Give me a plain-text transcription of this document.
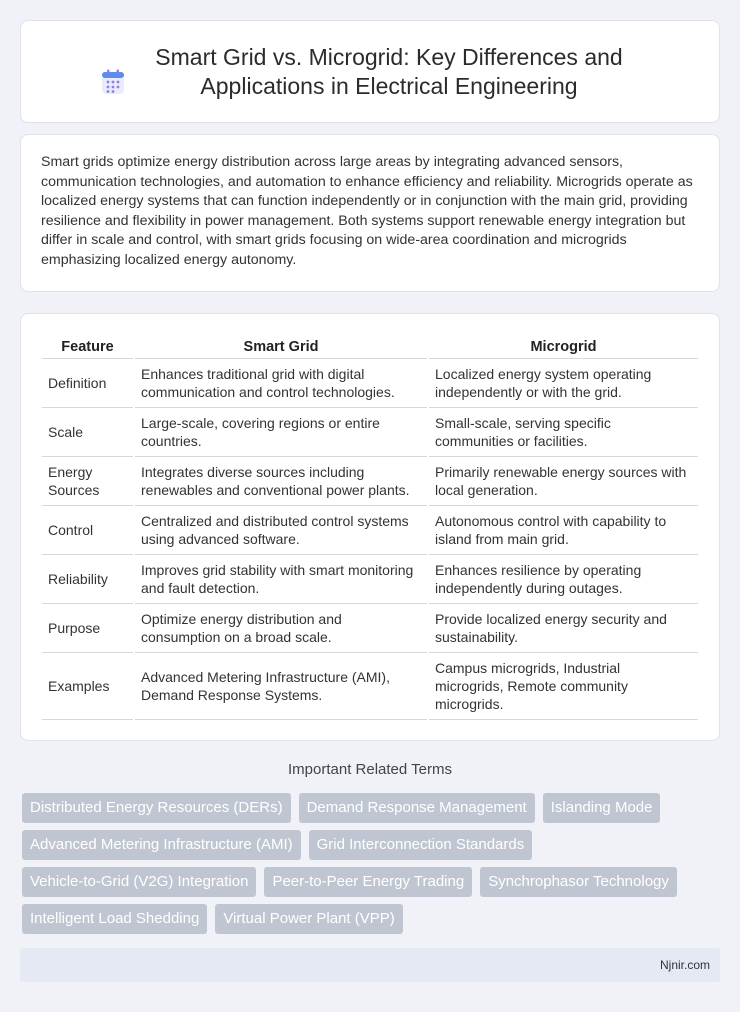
Smart Grid vs. Microgrid: Key Differences and Applications in Electrical Engineering

Smart grids optimize energy distribution across large areas by integrating advanced sensors, communication technologies, and automation to enhance efficiency and reliability. Microgrids operate as localized energy systems that can function independently or in conjunction with the main grid, providing resilience and flexibility in power management. Both systems support renewable energy integration but differ in scale and control, with smart grids focusing on wide-area coordination and microgrids emphasizing localized energy autonomy.

Feature	Smart Grid	Microgrid
Definition	Enhances traditional grid with digital communication and control technologies.	Localized energy system operating independently or with the grid.
Scale	Large-scale, covering regions or entire countries.	Small-scale, serving specific communities or facilities.
Energy Sources	Integrates diverse sources including renewables and conventional power plants.	Primarily renewable energy sources with local generation.
Control	Centralized and distributed control systems using advanced software.	Autonomous control with capability to island from main grid.
Reliability	Improves grid stability with smart monitoring and fault detection.	Enhances resilience by operating independently during outages.
Purpose	Optimize energy distribution and consumption on a broad scale.	Provide localized energy security and sustainability.
Examples	Advanced Metering Infrastructure (AMI), Demand Response Systems.	Campus microgrids, Industrial microgrids, Remote community microgrids.
Important Related Terms
Distributed Energy Resources (DERs)	Demand Response Management	Islanding Mode
Advanced Metering Infrastructure (AMI)	Grid Interconnection Standards
Vehicle-to-Grid (V2G) Integration	Peer-to-Peer Energy Trading	Synchrophasor Technology
Intelligent Load Shedding	Virtual Power Plant (VPP)
Njnir.com
